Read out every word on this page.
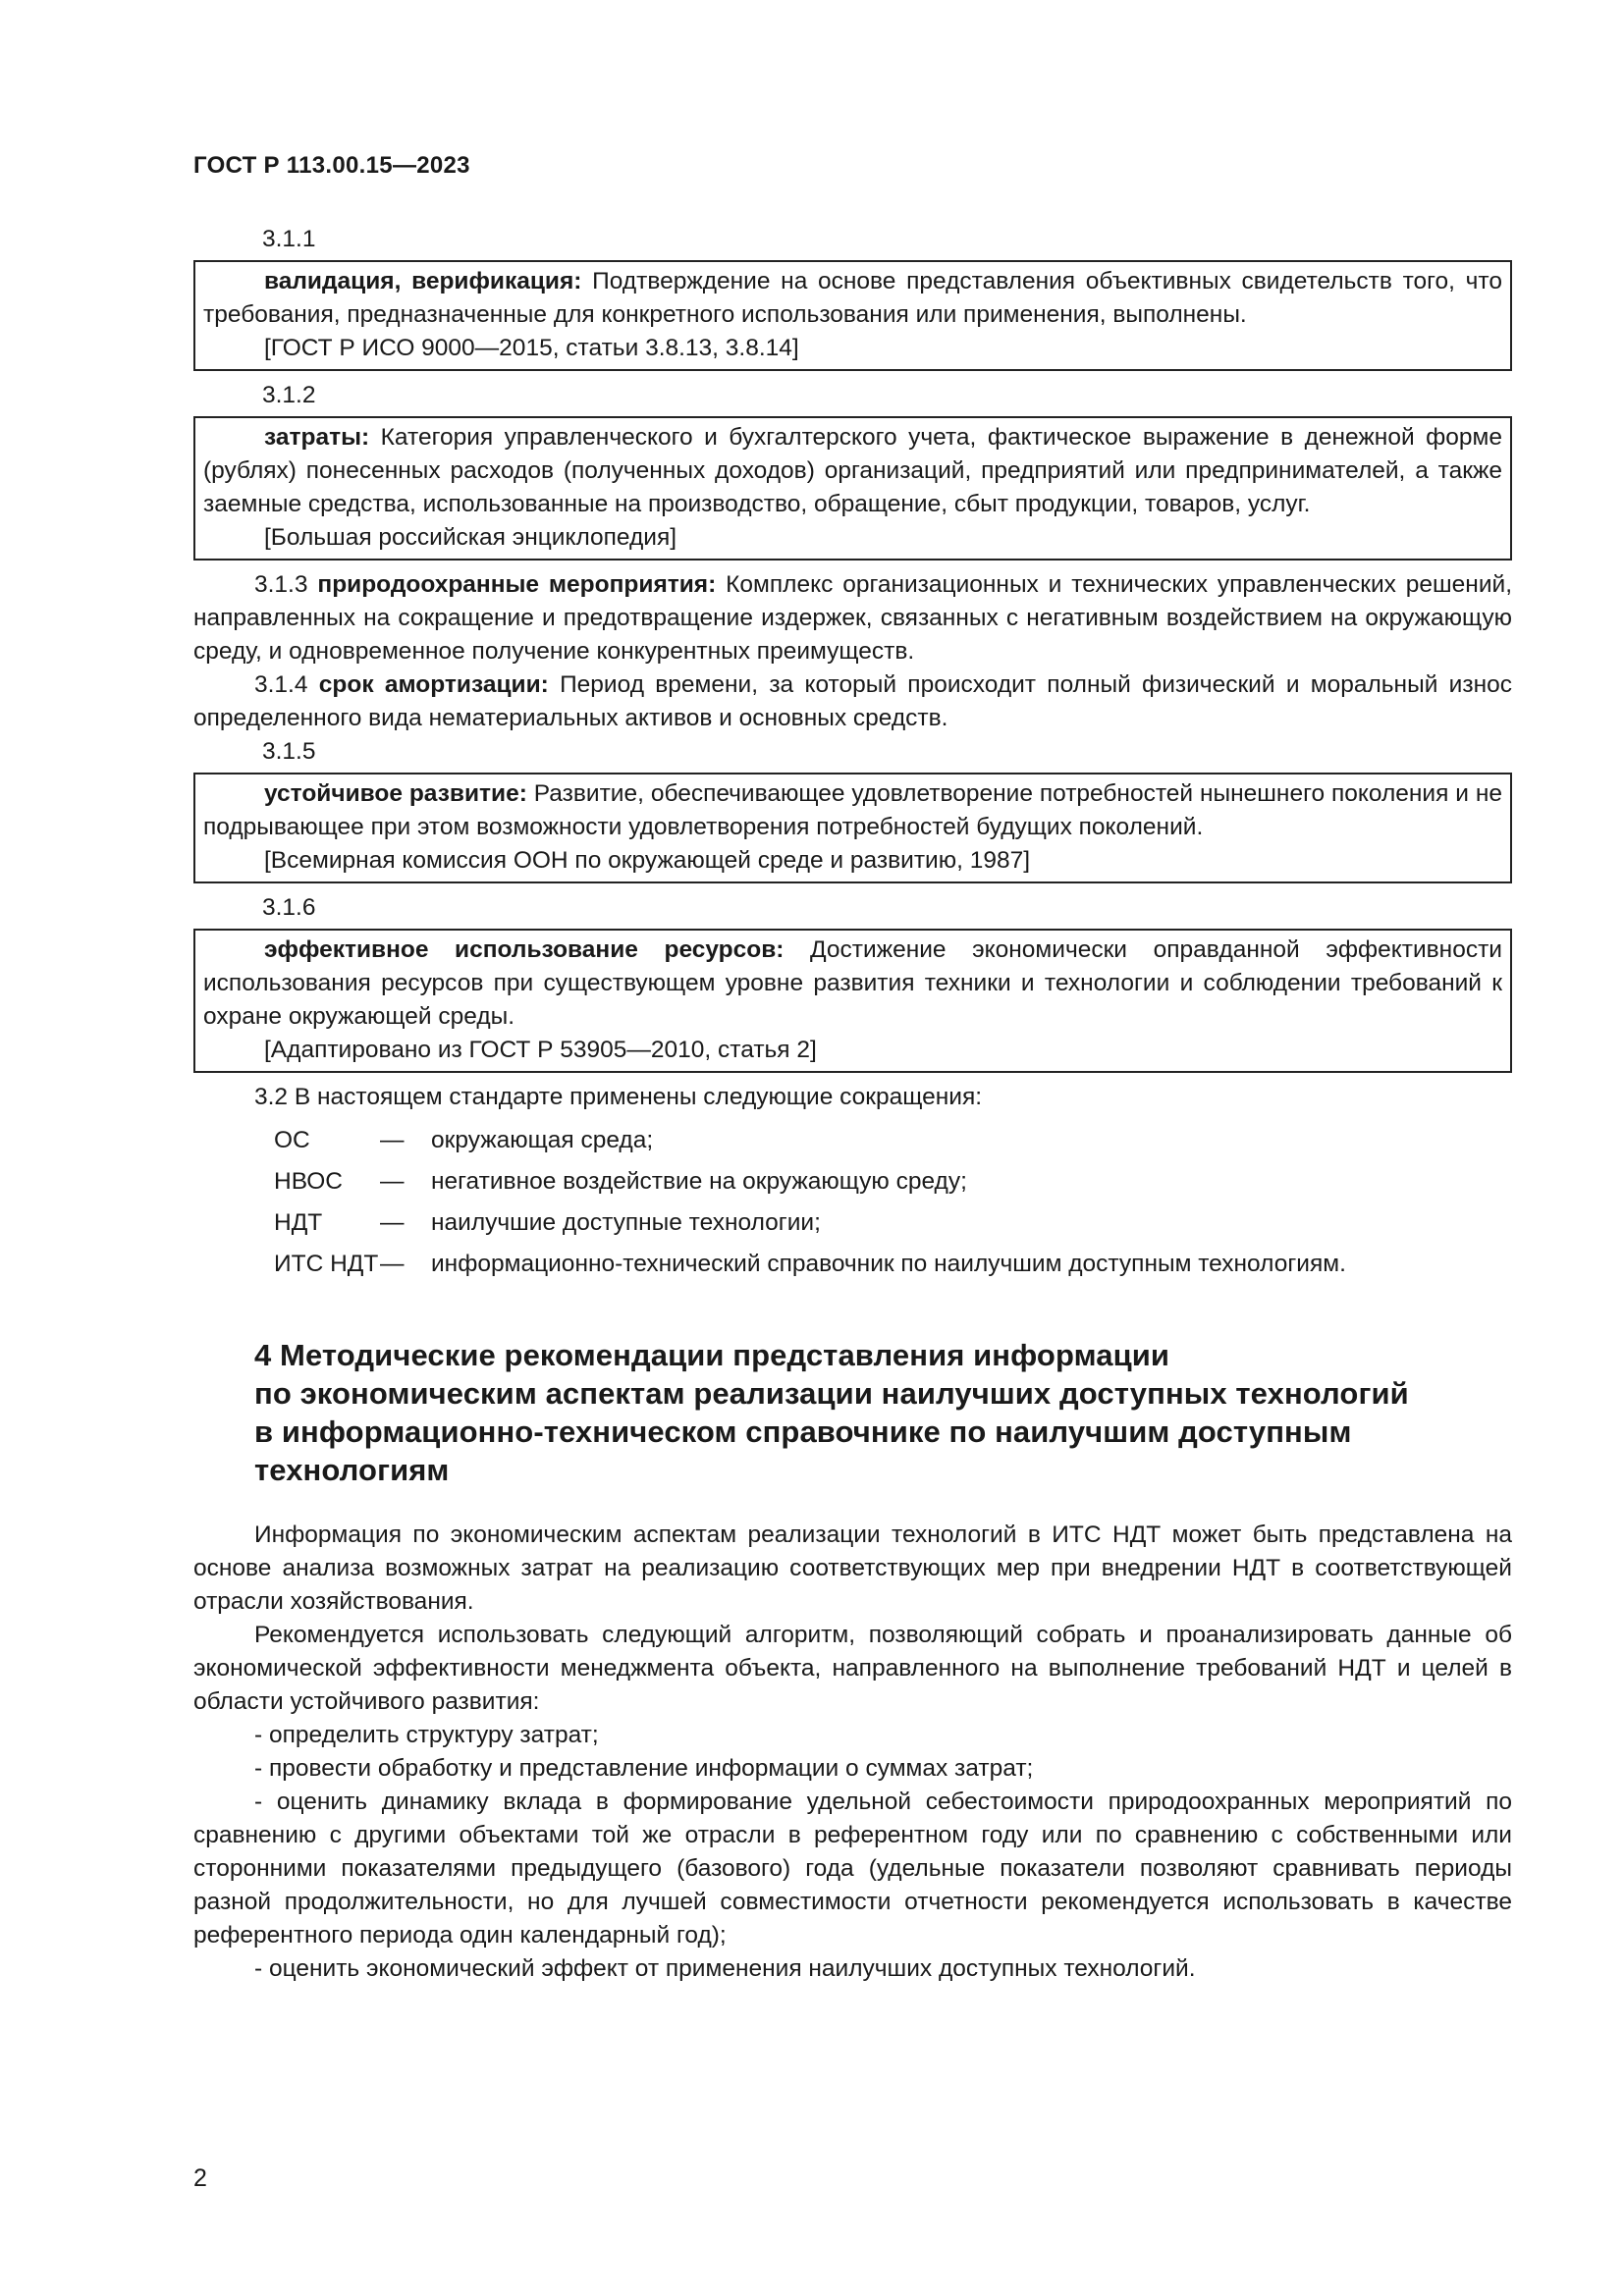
ГОСТ Р 113.00.15—2023
3.1.1

валидация, верификация: Подтверждение на основе представления объективных свидетельств того, что требования, предназначенные для конкретного использования или применения, выполнены.

[ГОСТ Р ИСО 9000—2015, статьи 3.8.13, 3.8.14]

3.1.2

затраты: Категория управленческого и бухгалтерского учета, фактическое выражение в денежной форме (рублях) понесенных расходов (полученных доходов) организаций, предприятий или предпринимателей, а также заемные средства, использованные на производство, обращение, сбыт продукции, товаров, услуг.

[Большая российская энциклопедия]

3.1.3 природоохранные мероприятия: Комплекс организационных и технических управленческих решений, направленных на сокращение и предотвращение издержек, связанных с негативным воздействием на окружающую среду, и одновременное получение конкурентных преимуществ.

3.1.4 срок амортизации: Период времени, за который происходит полный физический и моральный износ определенного вида нематериальных активов и основных средств.

3.1.5

устойчивое развитие: Развитие, обеспечивающее удовлетворение потребностей нынешнего поколения и не подрывающее при этом возможности удовлетворения потребностей будущих поколений.

[Всемирная комиссия ООН по окружающей среде и развитию, 1987]

3.1.6

эффективное использование ресурсов: Достижение экономически оправданной эффективности использования ресурсов при существующем уровне развития техники и технологии и соблюдении требований к охране окружающей среды.

[Адаптировано из ГОСТ Р 53905—2010, статья 2]

3.2 В настоящем стандарте применены следующие сокращения:

ОС	—	окружающая среда;
НВОС	—	негативное воздействие на окружающую среду;
НДТ	—	наилучшие доступные технологии;
ИТС НДТ —	информационно-технический справочник по наилучшим доступным технологиям.
4 Методические рекомендации представления информации
по экономическим аспектам реализации наилучших доступных технологий
в информационно-техническом справочнике по наилучшим доступным
технологиям

Информация по экономическим аспектам реализации технологий в ИТС НДТ может быть представлена на основе анализа возможных затрат на реализацию соответствующих мер при внедрении НДТ в соответствующей отрасли хозяйствования.

Рекомендуется использовать следующий алгоритм, позволяющий собрать и проанализировать данные об экономической эффективности менеджмента объекта, направленного на выполнение требований НДТ и целей в области устойчивого развития:

- определить структуру затрат;

- провести обработку и представление информации о суммах затрат;

- оценить динамику вклада в формирование удельной себестоимости природоохранных мероприятий по сравнению с другими объектами той же отрасли в референтном году или по сравнению с собственными или сторонними показателями предыдущего (базового) года (удельные показатели позволяют сравнивать периоды разной продолжительности, но для лучшей совместимости отчетности рекомендуется использовать в качестве референтного периода один календарный год);

- оценить экономический эффект от применения наилучших доступных технологий.

2
